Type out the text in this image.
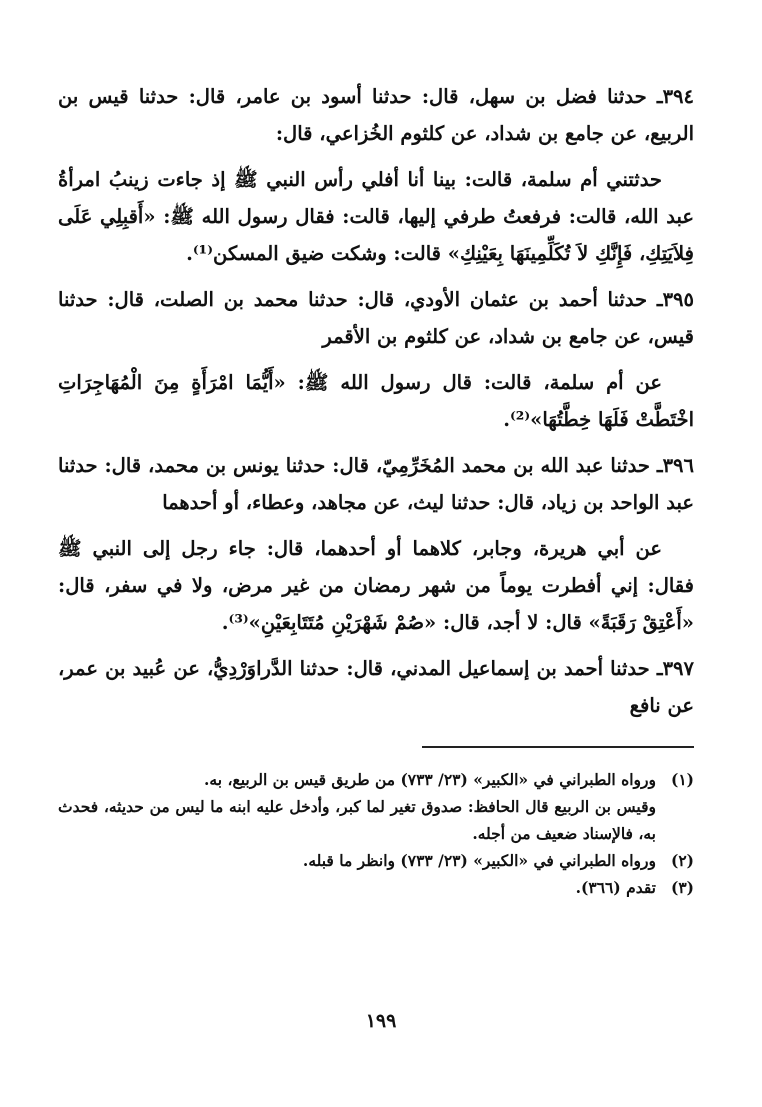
٣٩٤ـ حدثنا فضل بن سهل، قال: حدثنا أسود بن عامر، قال: حدثنا قيس بن الربيع، عن جامع بن شداد، عن كلثوم الخُزاعي، قال:

حدثتني أم سلمة، قالت: بينا أنا أفلي رأس النبي ﷺ إذ جاءت زينبُ امرأةُ عبد الله، قالت: فرفعتُ طرفي إليها، قالت: فقال رسول الله ﷺ: «أَقبِلِي عَلَى فِلاَيَتِكِ، فَإِنَّكِ لاَ تُكَلِّمِينَهَا بِعَيْنِكِ» قالت: وشكت ضيق المسكن⁽¹⁾.

٣٩٥ـ حدثنا أحمد بن عثمان الأودي، قال: حدثنا محمد بن الصلت، قال: حدثنا قيس، عن جامع بن شداد، عن كلثوم بن الأقمر

عن أم سلمة، قالت: قال رسول الله ﷺ: «أَيُّمَا امْرَأَةٍ مِنَ الْمُهَاجِرَاتِ اخْتَطَّتْ فَلَهَا خِطَّتُهَا»⁽²⁾.

٣٩٦ـ حدثنا عبد الله بن محمد المُخَرِّمِيّ، قال: حدثنا يونس بن محمد، قال: حدثنا عبد الواحد بن زياد، قال: حدثنا ليث، عن مجاهد، وعطاء، أو أحدهما

عن أبي هريرة، وجابر، كلاهما أو أحدهما، قال: جاء رجل إلى النبي ﷺ فقال: إني أفطرت يوماً من شهر رمضان من غير مرض، ولا في سفر، قال: «أَعْتِقْ رَقَبَةً» قال: لا أجد، قال: «صُمْ شَهْرَيْنِ مُتَتَابِعَيْنِ»⁽³⁾.

٣٩٧ـ حدثنا أحمد بن إسماعيل المدني، قال: حدثنا الدَّراوَرْدِيُّ، عن عُبيد بن عمر، عن نافع

(١)ورواه الطبراني في «الكبير» (٢٣/ ٧٣٣) من طريق قيس بن الربيع، به.

وقيس بن الربيع قال الحافظ: صدوق تغير لما كبر، وأدخل عليه ابنه ما ليس من حديثه، فحدث به، فالإسناد ضعيف من أجله.

(٢)ورواه الطبراني في «الكبير» (٢٣/ ٧٣٣) وانظر ما قبله.

(٣)تقدم (٣٦٦).

١٩٩
